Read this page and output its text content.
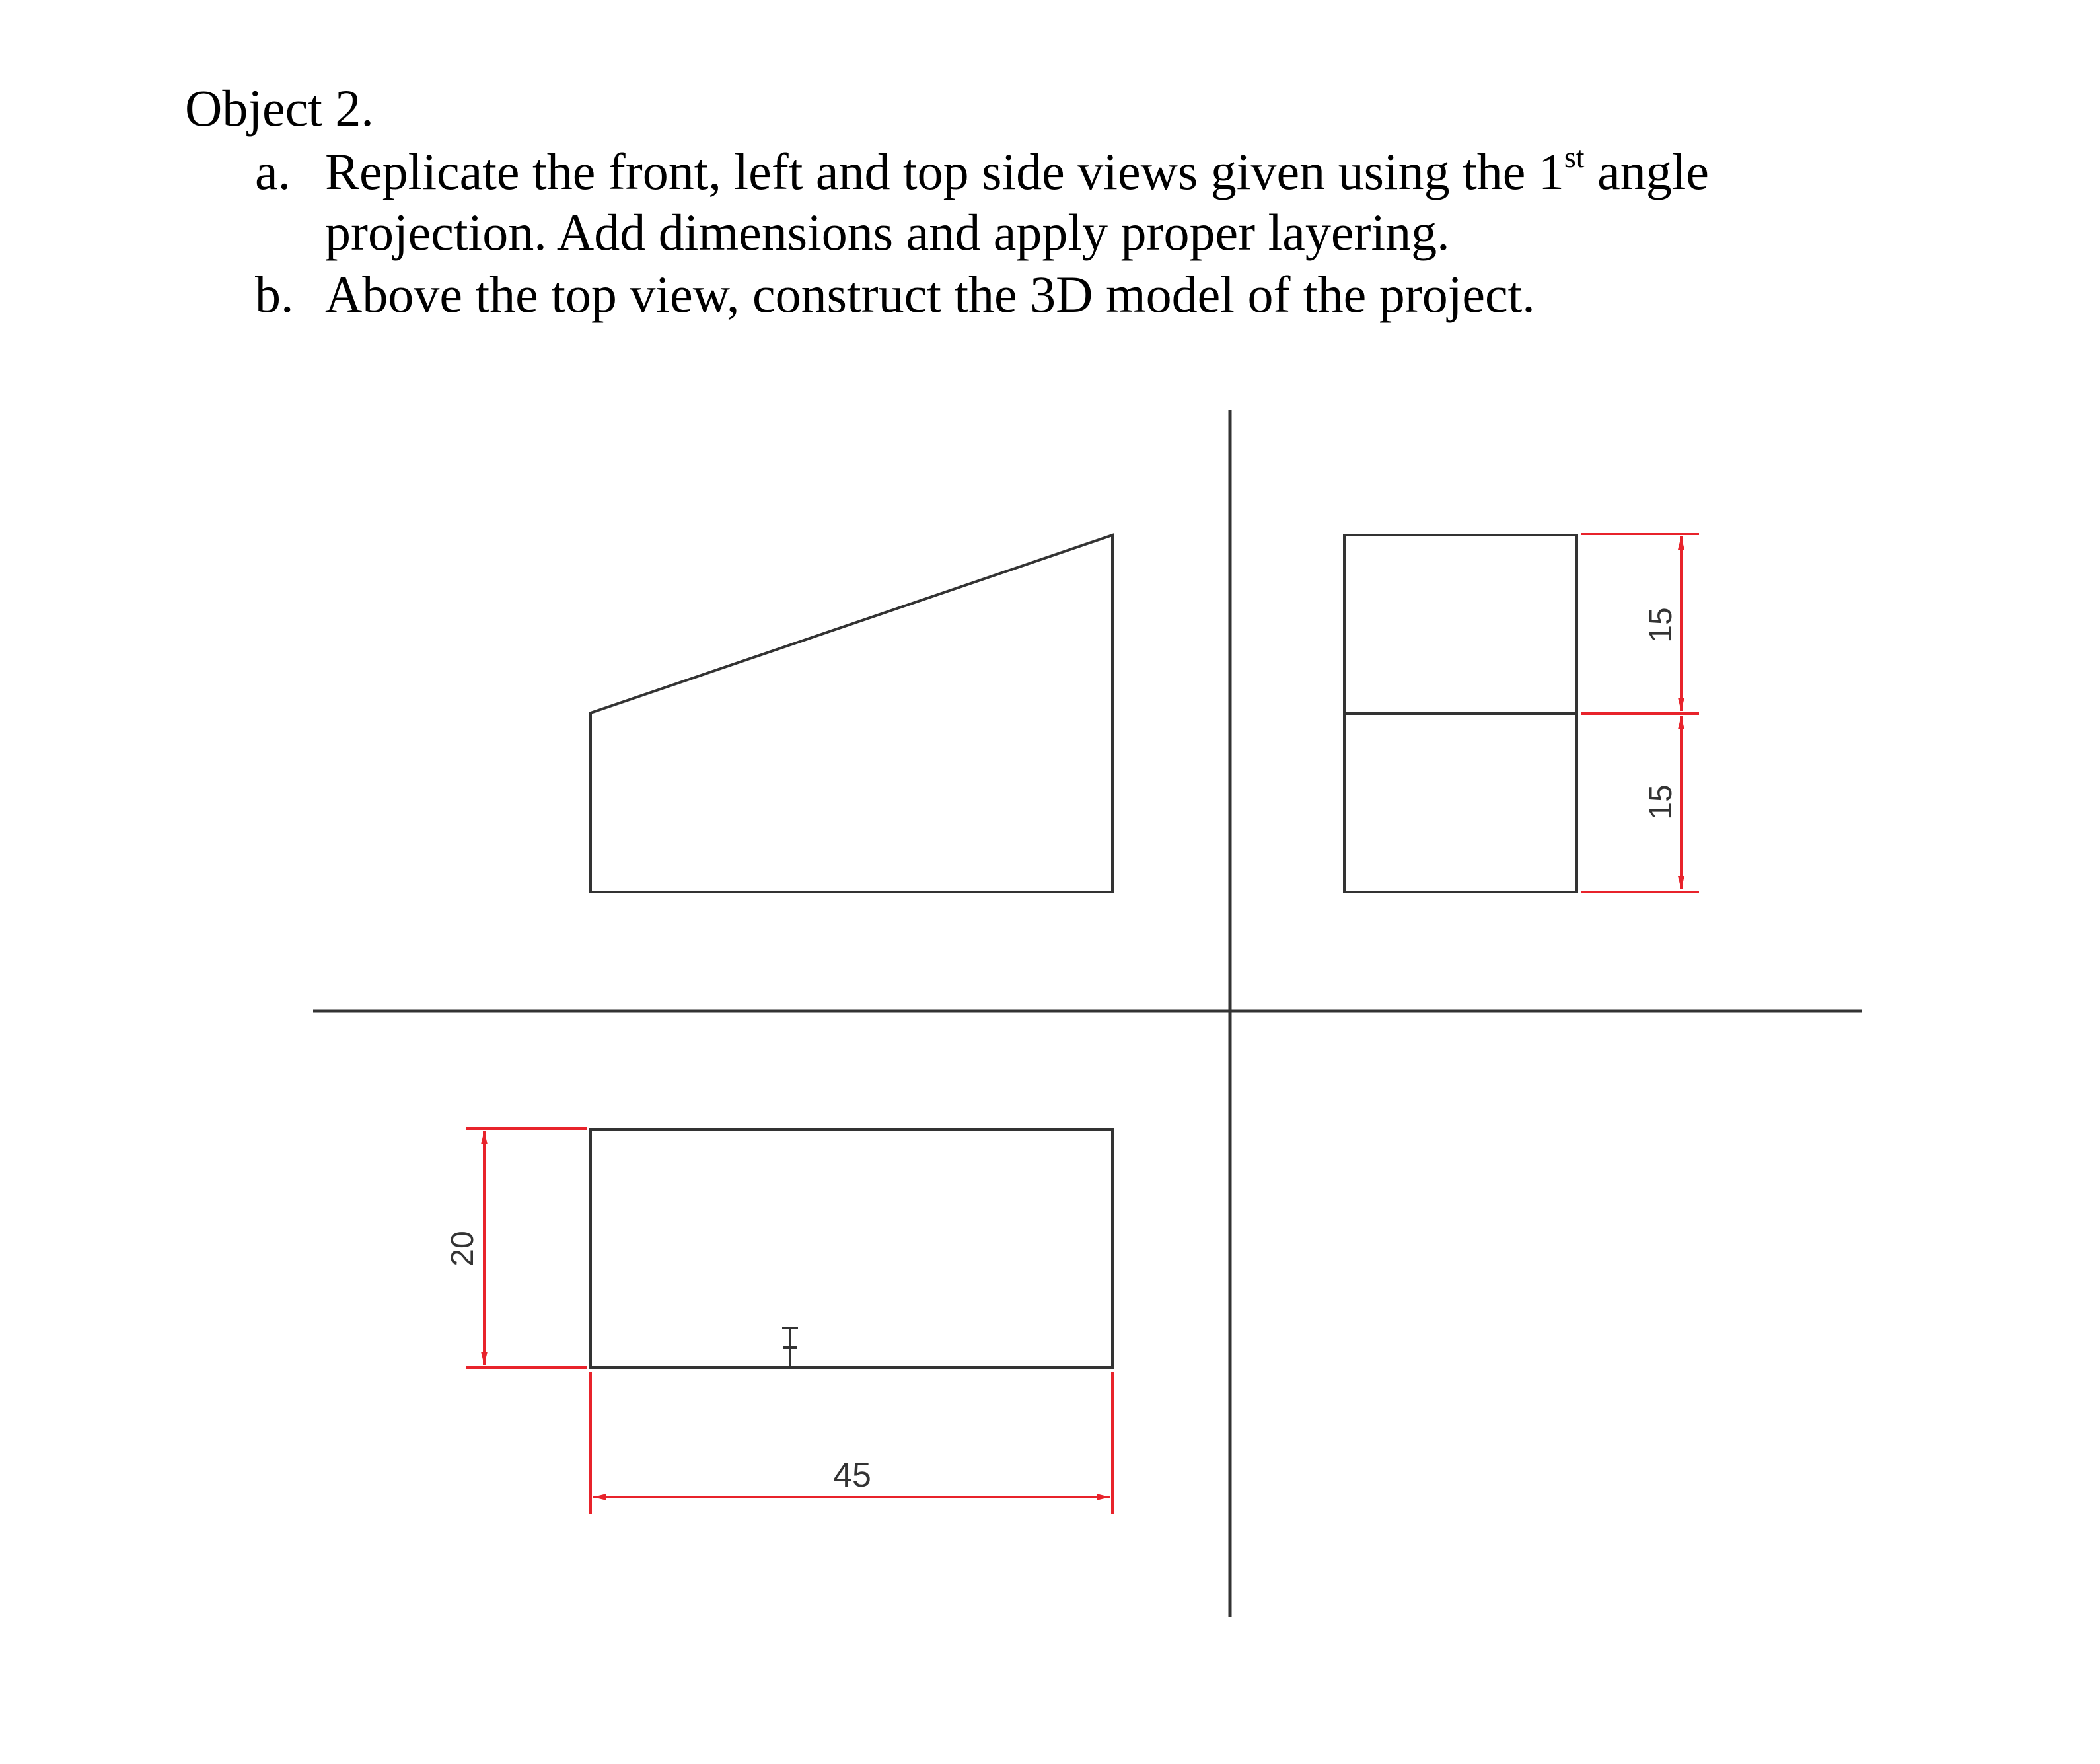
Object 2.
a. Replicate the front, left and top side views given using the 1st angle
projection. Add dimensions and apply proper layering.
b. Above the top view, construct the 3D model of the project.
15
15
20
45
